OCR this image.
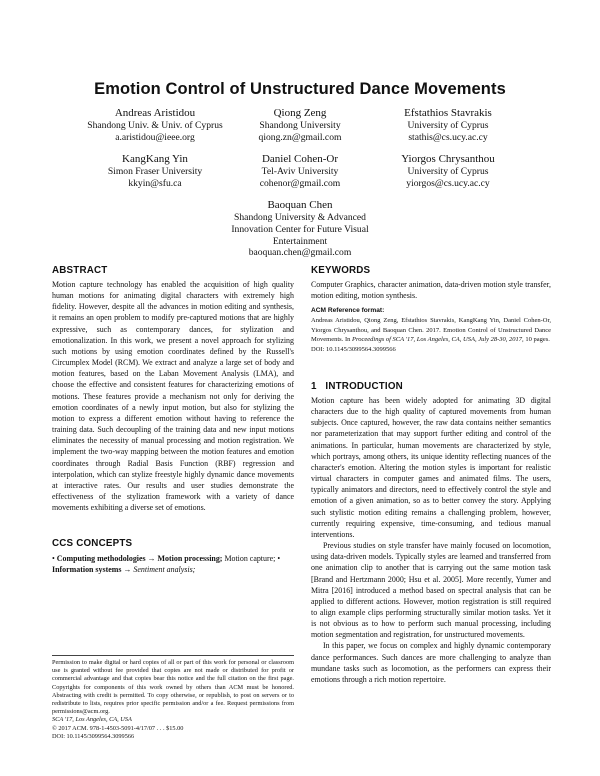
Emotion Control of Unstructured Dance Movements
Andreas Aristidou
Shandong Univ. & Univ. of Cyprus
a.aristidou@ieee.org
Qiong Zeng
Shandong University
qiong.zn@gmail.com
Efstathios Stavrakis
University of Cyprus
stathis@cs.ucy.ac.cy
KangKang Yin
Simon Fraser University
kkyin@sfu.ca
Daniel Cohen-Or
Tel-Aviv University
cohenor@gmail.com
Yiorgos Chrysanthou
University of Cyprus
yiorgos@cs.ucy.ac.cy
Baoquan Chen
Shandong University & Advanced
Innovation Center for Future Visual
Entertainment
baoquan.chen@gmail.com
ABSTRACT

Motion capture technology has enabled the acquisition of high quality human motions for animating digital characters with extremely high fidelity. However, despite all the advances in motion editing and synthesis, it remains an open problem to modify pre-captured motions that are highly expressive, such as contemporary dances, for stylization and emotionalization. In this work, we present a novel approach for stylizing such motions by using emotion coordinates defined by the Russell's Circumplex Model (RCM). We extract and analyze a large set of body and motion features, based on the Laban Movement Analysis (LMA), and choose the effective and consistent features for characterizing emotions of motions. These features provide a mechanism not only for deriving the emotion coordinates of a newly input motion, but also for stylizing the motion to express a different emotion without having to reference the training data. Such decoupling of the training data and new input motions eliminates the necessity of manual processing and motion registration. We implement the two-way mapping between the motion features and emotion coordinates through Radial Basis Function (RBF) regression and interpolation, which can stylize freestyle highly dynamic dance movements at interactive rates. Our results and user studies demonstrate the effectiveness of the stylization framework with a variety of dance movements exhibiting a diverse set of emotions.

CCS CONCEPTS
• Computing methodologies → Motion processing; Motion capture; • Information systems → Sentiment analysis;
Permission to make digital or hard copies of all or part of this work for personal or classroom use is granted without fee provided that copies are not made or distributed for profit or commercial advantage and that copies bear this notice and the full citation on the first page. Copyrights for components of this work owned by others than ACM must be honored. Abstracting with credit is permitted. To copy otherwise, or republish, to post on servers or to redistribute to lists, requires prior specific permission and/or a fee. Request permissions from permissions@acm.org.
SCA '17, Los Angeles, CA, USA
© 2017 ACM. 978-1-4503-5091-4/17/07 . . . $15.00
DOI: 10.1145/3099564.3099566
KEYWORDS
Computer Graphics, character animation, data-driven motion style transfer, motion editing, motion synthesis.
ACM Reference format:
Andreas Aristidou, Qiong Zeng, Efstathios Stavrakis, KangKang Yin, Daniel Cohen-Or, Yiorgos Chrysanthou, and Baoquan Chen. 2017. Emotion Control of Unstructured Dance Movements. In Proceedings of SCA '17, Los Angeles, CA, USA, July 28-30, 2017, 10 pages.
DOI: 10.1145/3099564.3099566
1   INTRODUCTION

Motion capture has been widely adopted for animating 3D digital characters due to the high quality of captured movements from human subjects. Once captured, however, the raw data contains neither semantics nor parameterization that may support further editing and control of the animations. In particular, human movements are characterized by style, which portrays, among others, its unique identity reflecting nuances of the character's emotion. Altering the motion styles is important for realistic virtual characters in computer games and animated films. The users, typically animators and directors, need to effectively control the style and emotion of a given animation, so as to better convey the story. Applying such stylistic motion editing remains a challenging problem, however, currently requiring expensive, time-consuming, and tedious manual interventions.

Previous studies on style transfer have mainly focused on locomotion, using data-driven models. Typically styles are learned and transferred from one animation clip to another that is carrying out the same motion task [Brand and Hertzmann 2000; Hsu et al. 2005]. More recently, Yumer and Mitra [2016] introduced a method based on spectral analysis that can be applied to different actions. However, motion registration is still required to align example clips performing structurally similar motion tasks. Yet it is not obvious as to how to perform such manual processing, including motion segmentation and registration, for unstructured movements.

In this paper, we focus on complex and highly dynamic contemporary dance performances. Such dances are more challenging to analyze than mundane tasks such as locomotion, as the performers can express their emotions through a rich motion repertoire.
